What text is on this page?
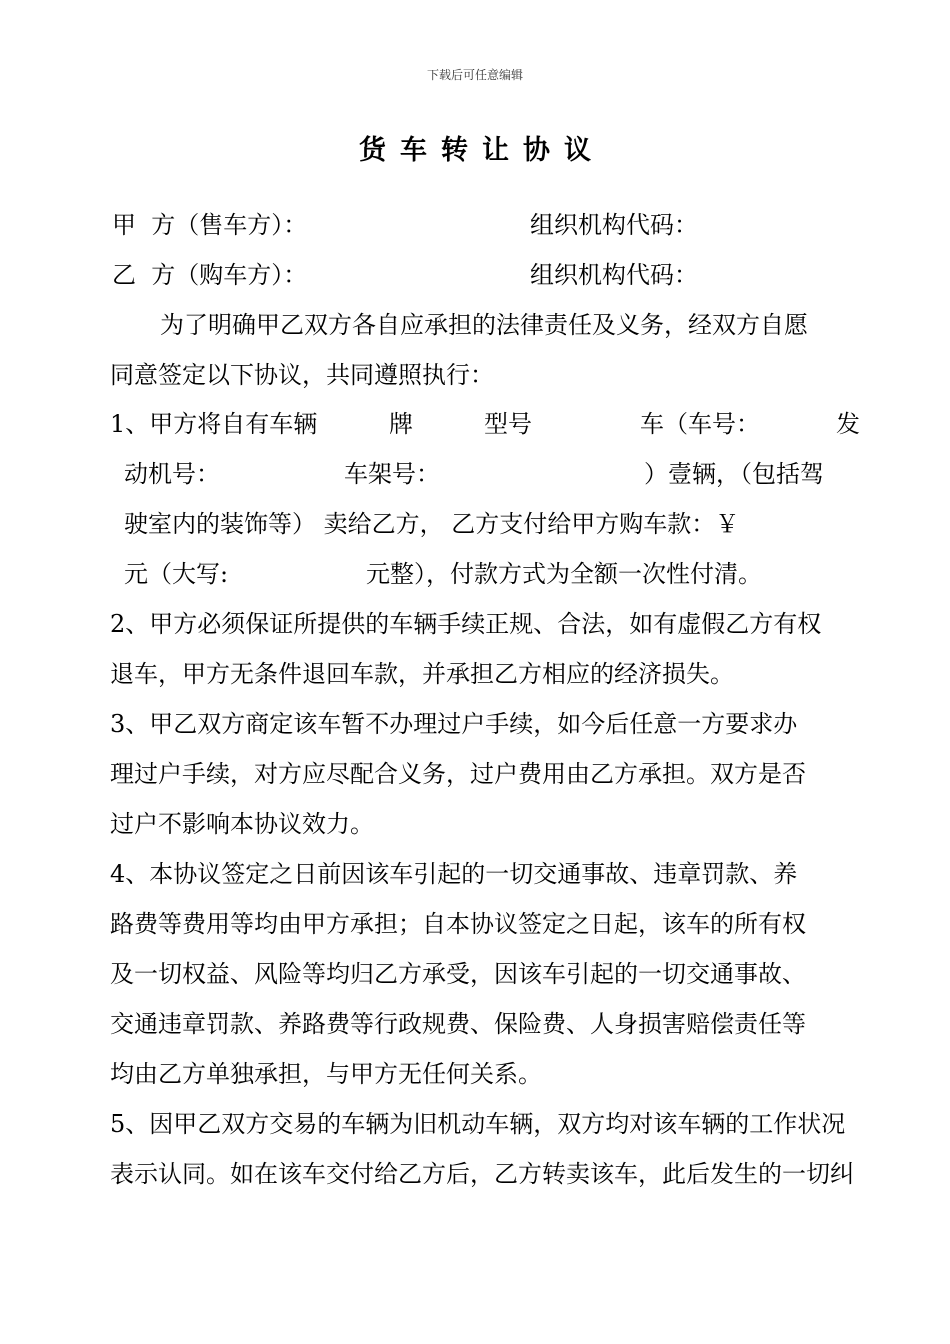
下载后可任意编辑
货车转让协议
甲  方（售车方）：	组织机构代码：
乙  方（购车方）：	组织机构代码：
为了明确甲乙双方各自应承担的法律责任及义务，经双方自愿
同意签定以下协议，共同遵照执行：
1、甲方将自有车辆	牌	型号	车（车号：	发
动机号：	车架号：	）壹辆，（包括驾
驶室内的装饰等） 卖给乙方， 乙方支付给甲方购车款：￥
元（大写:	元整），付款方式为全额一次性付清。
2、甲方必须保证所提供的车辆手续正规、合法，如有虚假乙方有权
退车，甲方无条件退回车款，并承担乙方相应的经济损失。
3、甲乙双方商定该车暂不办理过户手续，如今后任意一方要求办
理过户手续，对方应尽配合义务，过户费用由乙方承担。双方是否
过户不影响本协议效力。
4、本协议签定之日前因该车引起的一切交通事故、违章罚款、养
路费等费用等均由甲方承担；自本协议签定之日起，该车的所有权
及一切权益、风险等均归乙方承受，因该车引起的一切交通事故、
交通违章罚款、养路费等行政规费、保险费、人身损害赔偿责任等
均由乙方单独承担，与甲方无任何关系。
5、因甲乙双方交易的车辆为旧机动车辆，双方均对该车辆的工作状况
表示认同。如在该车交付给乙方后，乙方转卖该车，此后发生的一切纠
